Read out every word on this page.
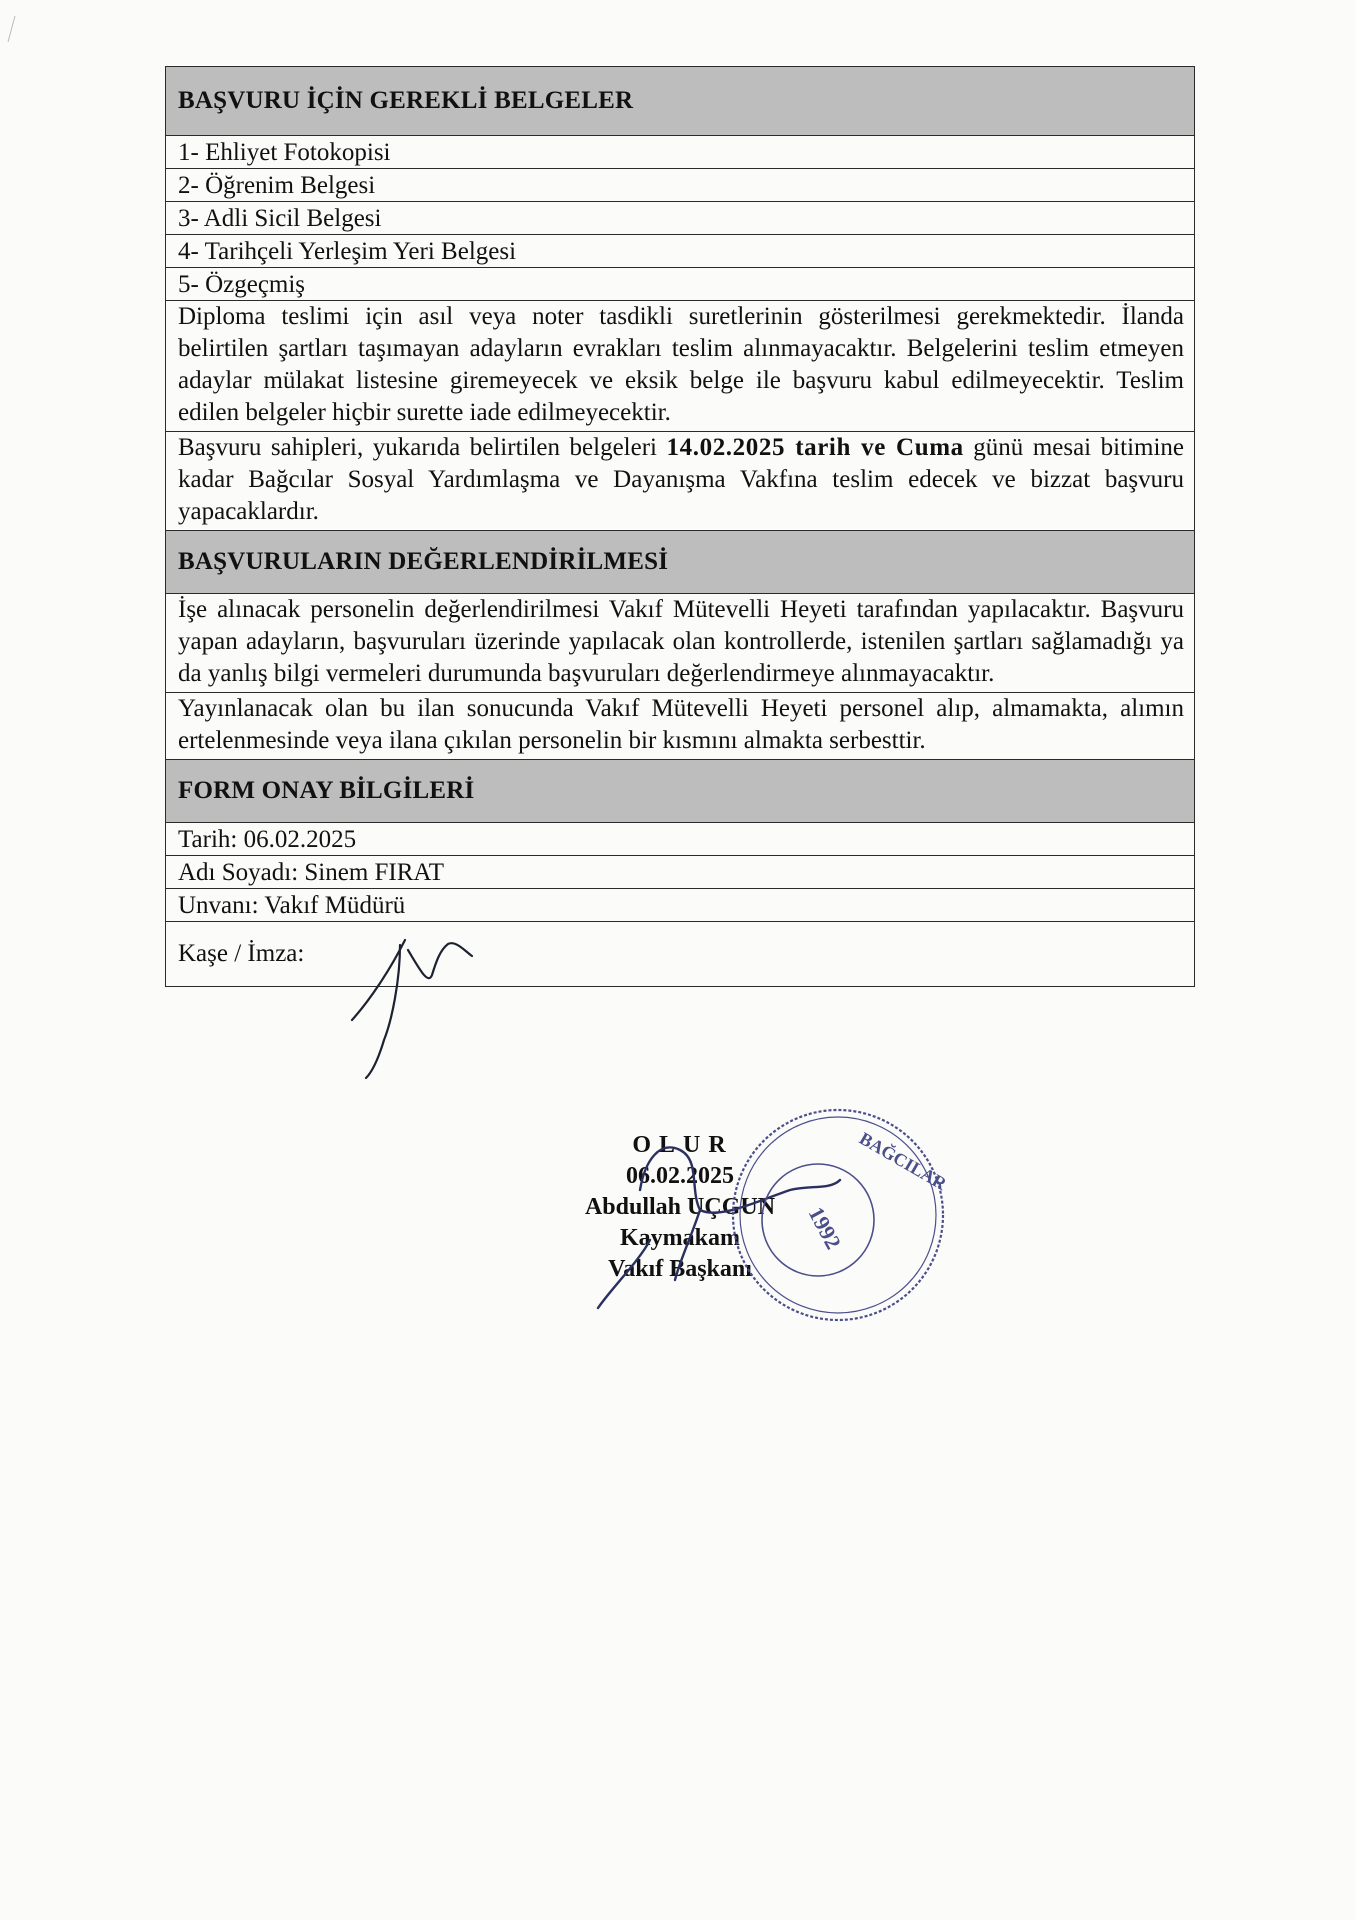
BAŞVURU İÇİN GEREKLİ BELGELER
1- Ehliyet Fotokopisi
2- Öğrenim Belgesi
3- Adli Sicil Belgesi
4- Tarihçeli Yerleşim Yeri Belgesi
5- Özgeçmiş

Diploma teslimi için asıl veya noter tasdikli suretlerinin gösterilmesi gerekmektedir. İlanda belirtilen şartları taşımayan adayların evrakları teslim alınmayacaktır. Belgelerini teslim etmeyen adaylar mülakat listesine giremeyecek ve eksik belge ile başvuru kabul edilmeyecektir. Teslim edilen belgeler hiçbir surette iade edilmeyecektir.

Başvuru sahipleri, yukarıda belirtilen belgeleri 14.02.2025 tarih ve Cuma günü mesai bitimine kadar Bağcılar Sosyal Yardımlaşma ve Dayanışma Vakfına teslim edecek ve bizzat başvuru yapacaklardır.

BAŞVURULARIN DEĞERLENDİRİLMESİ

İşe alınacak personelin değerlendirilmesi Vakıf Mütevelli Heyeti tarafından yapılacaktır. Başvuru yapan adayların, başvuruları üzerinde yapılacak olan kontrollerde, istenilen şartları sağlamadığı ya da yanlış bilgi vermeleri durumunda başvuruları değerlendirmeye alınmayacaktır.

Yayınlanacak olan bu ilan sonucunda Vakıf Mütevelli Heyeti personel alıp, almamakta, alımın ertelenmesinde veya ilana çıkılan personelin bir kısmını almakta serbesttir.

FORM ONAY BİLGİLERİ
Tarih: 06.02.2025
Adı Soyadı: Sinem FIRAT
Unvanı: Vakıf Müdürü
Kaşe / İmza:
OLUR
06.02.2025
Abdullah UÇGUN
Kaymakam
Vakıf Başkanı
1992
BAĞCILAR
